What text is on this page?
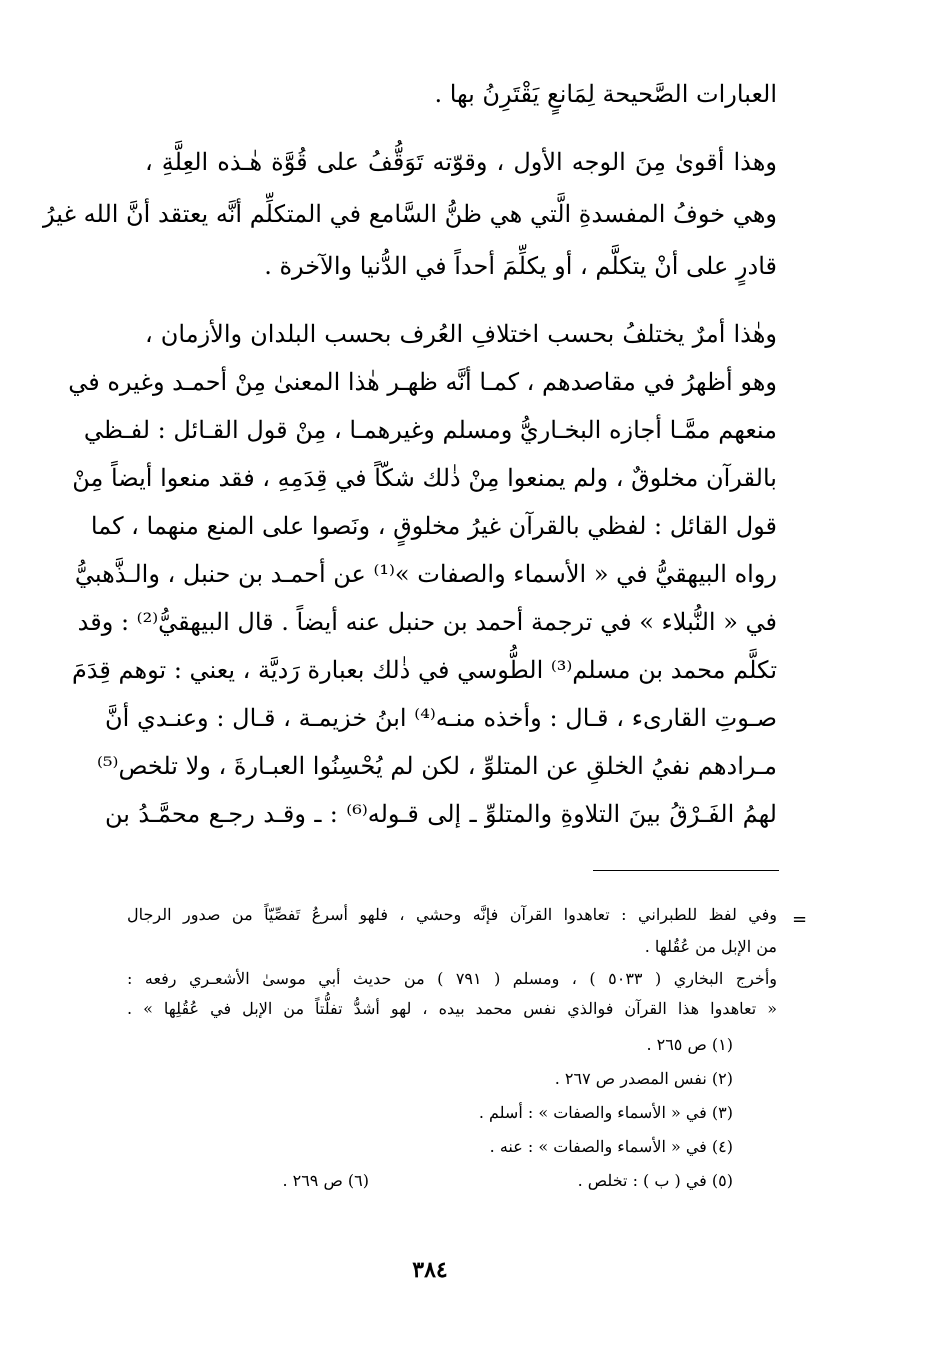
العبارات الصَّحيحة لِمَانعٍ يَقْتَرِنُ بها .
وهذا أقوىٰ مِنَ الوجه الأول ، وقوّته تَوَقُّفُ على قُوَّة هٰـذه العِلَّةِ ،
وهي خوفُ المفسدةِ الَّتي هي ظنُّ السَّامع في المتكلِّم أنَّه يعتقد أنَّ الله غيرُ
قادرٍ على أنْ يتكلَّم ، أو يكلِّمَ أحداً في الدُّنيا والآخرة .
وهٰذا أمرٌ يختلفُ بحسب اختلافِ العُرف بحسب البلدان والأزمان ،
وهو أظهرُ في مقاصدهم ، كمـا أنَّه ظهـر هٰذا المعنىٰ مِنْ أحمـد وغيره في
منعهم ممَّـا أجازه البخـاريُّ ومسلم وغيرهمـا ، مِنْ قول القـائل : لفـظي
بالقرآن مخلوقٌ ، ولم يمنعوا مِنْ ذٰلك شكّاً في قِدَمِهِ ، فقد منعوا أيضاً مِنْ
قول القائل : لفظي بالقرآن غيرُ مخلوقٍ ، ونَصوا على المنع منهما ، كما
رواه البيهقيُّ في « الأسماء والصفات »⁽¹⁾ عن أحمـد بن حنبل ، والـذَّهبيُّ
في « النُّبلاء » في ترجمة أحمد بن حنبل عنه أيضاً . قال البيهقيُّ⁽²⁾ : وقد
تكلَّم محمد بن مسلم⁽³⁾ الطُّوسي في ذٰلك بعبارة رَديَّة ، يعني : توهم قِدَمَ
صـوتِ القارىء ، قـال : وأخذه منـه⁽⁴⁾ ابنُ خزيمـة ، قـال : وعنـدي أنَّ
مـرادهم نفيُ الخلقِ عن المتلوِّ ، لكن لم يُحْسِنُوا العبـارةَ ، ولا تلخص⁽⁵⁾
لهمُ الفَـرْقُ بينَ التلاوةِ والمتلوِّ ـ إلى قـوله⁽⁶⁾ : ـ وقـد رجـع محمَّـدُ بن
=
وفي لفظ للطبراني : تعاهدوا القرآن فإنَّه وحشي ، فلهو أسرعُ تَفصِّيّاً من صدور الرجال
من الإبل من عُقُلها .
وأخرج البخاري ( ٥٠٣٣ ) ، ومسلم ( ٧٩١ ) من حديث أبي موسىٰ الأشعـري رفعه :
« تعاهدوا هذا القرآن فوالذي نفس محمد بيده ، لهو أشدُّ تفلُّتاً من الإبل في عُقُلِها » .
(١) ص ٢٦٥ .
(٢) نفس المصدر ص ٢٦٧ .
(٣) في « الأسماء والصفات » : أسلم .
(٤) في « الأسماء والصفات » : عنه .
(٥) في ( ب ) : تخلص .
(٦) ص ٢٦٩ .
٣٨٤
